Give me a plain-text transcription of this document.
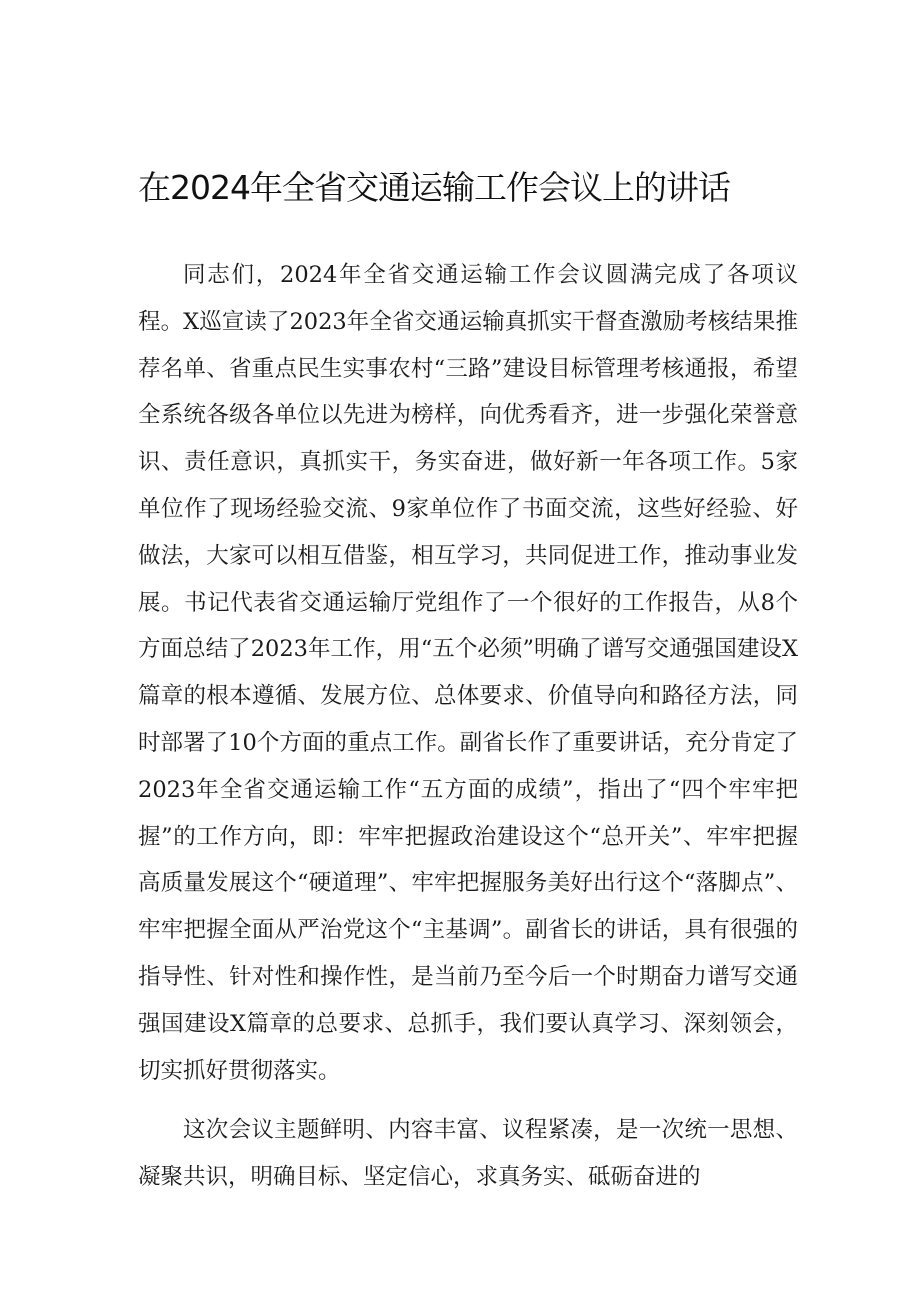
在2024年全省交通运输工作会议上的讲话

同志们，2024年全省交通运输工作会议圆满完成了各项议程。X巡宣读了2023年全省交通运输真抓实干督查激励考核结果推荐名单、省重点民生实事农村“三路”建设目标管理考核通报，希望全系统各级各单位以先进为榜样，向优秀看齐，进一步强化荣誉意识、责任意识，真抓实干，务实奋进，做好新一年各项工作。5家单位作了现场经验交流、9家单位作了书面交流，这些好经验、好做法，大家可以相互借鉴，相互学习，共同促进工作，推动事业发展。书记代表省交通运输厅党组作了一个很好的工作报告，从8个方面总结了2023年工作，用“五个必须”明确了谱写交通强国建设X篇章的根本遵循、发展方位、总体要求、价值导向和路径方法，同时部署了10个方面的重点工作。副省长作了重要讲话，充分肯定了2023年全省交通运输工作“五方面的成绩”，指出了“四个牢牢把握”的工作方向，即：牢牢把握政治建设这个“总开关”、牢牢把握高质量发展这个“硬道理”、牢牢把握服务美好出行这个“落脚点”、牢牢把握全面从严治党这个“主基调”。副省长的讲话，具有很强的指导性、针对性和操作性，是当前乃至今后一个时期奋力谱写交通强国建设X篇章的总要求、总抓手，我们要认真学习、深刻领会，切实抓好贯彻落实。

这次会议主题鲜明、内容丰富、议程紧凑，是一次统一思想、凝聚共识，明确目标、坚定信心，求真务实、砥砺奋进的
